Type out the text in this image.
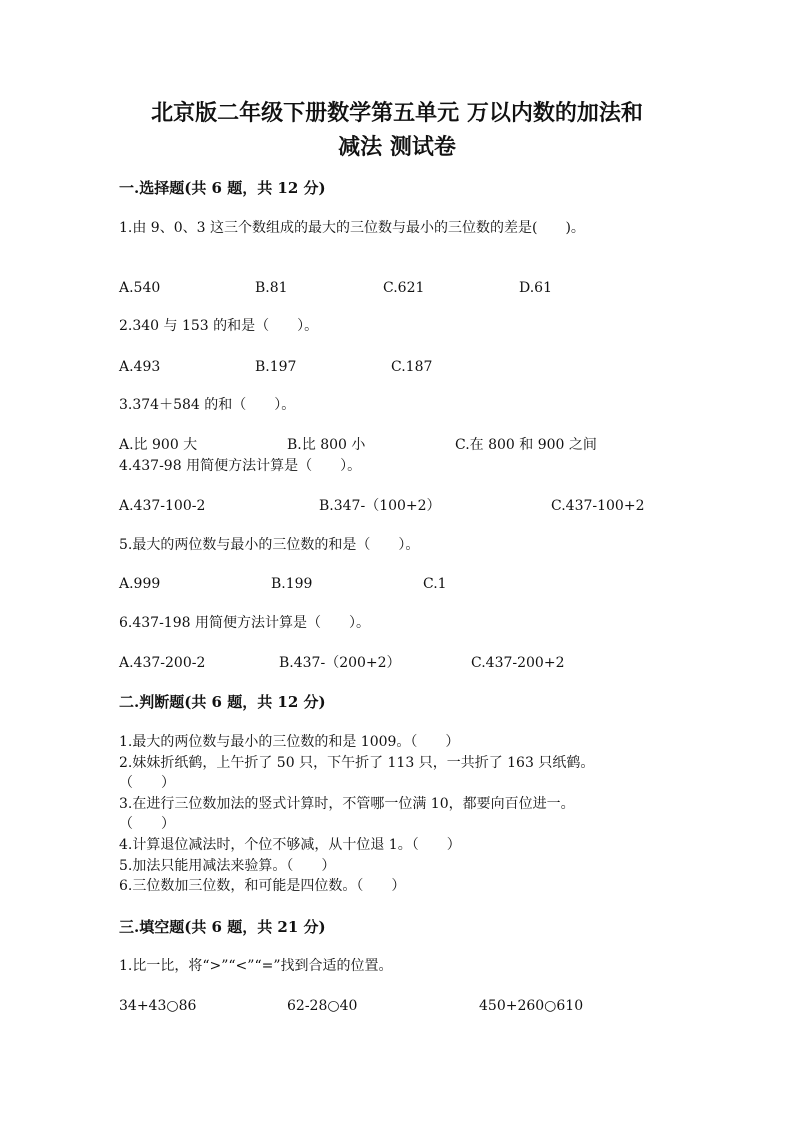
北京版二年级下册数学第五单元 万以内数的加法和
减法 测试卷
一.选择题(共 6 题，共 12 分)
1.由 9、0、3 这三个数组成的最大的三位数与最小的三位数的差是(　　)。
A.540	B.81	C.621	D.61
2.340 与 153 的和是（　　）。
A.493	B.197	C.187
3.374＋584 的和（　　）。
A.比 900 大	B.比 800 小	C.在 800 和 900 之间
4.437-98 用简便方法计算是（　　）。
A.437-100-2	B.347-（100+2）	C.437-100+2
5.最大的两位数与最小的三位数的和是（　　）。
A.999	B.199	C.1
6.437-198 用简便方法计算是（　　）。
A.437-200-2	B.437-（200+2）	C.437-200+2
二.判断题(共 6 题，共 12 分)
1.最大的两位数与最小的三位数的和是 1009。（　　）
2.妹妹折纸鹤，上午折了 50 只，下午折了 113 只，一共折了 163 只纸鹤。
（　　）
3.在进行三位数加法的竖式计算时，不管哪一位满 10，都要向百位进一。
（　　）
4.计算退位减法时，个位不够减，从十位退 1。（　　）
5.加法只能用减法来验算。（　　）
6.三位数加三位数，和可能是四位数。（　　）
三.填空题(共 6 题，共 21 分)
1.比一比，将“>”“<”“=”找到合适的位置。
34+43○86	62-28○40	450+260○610
